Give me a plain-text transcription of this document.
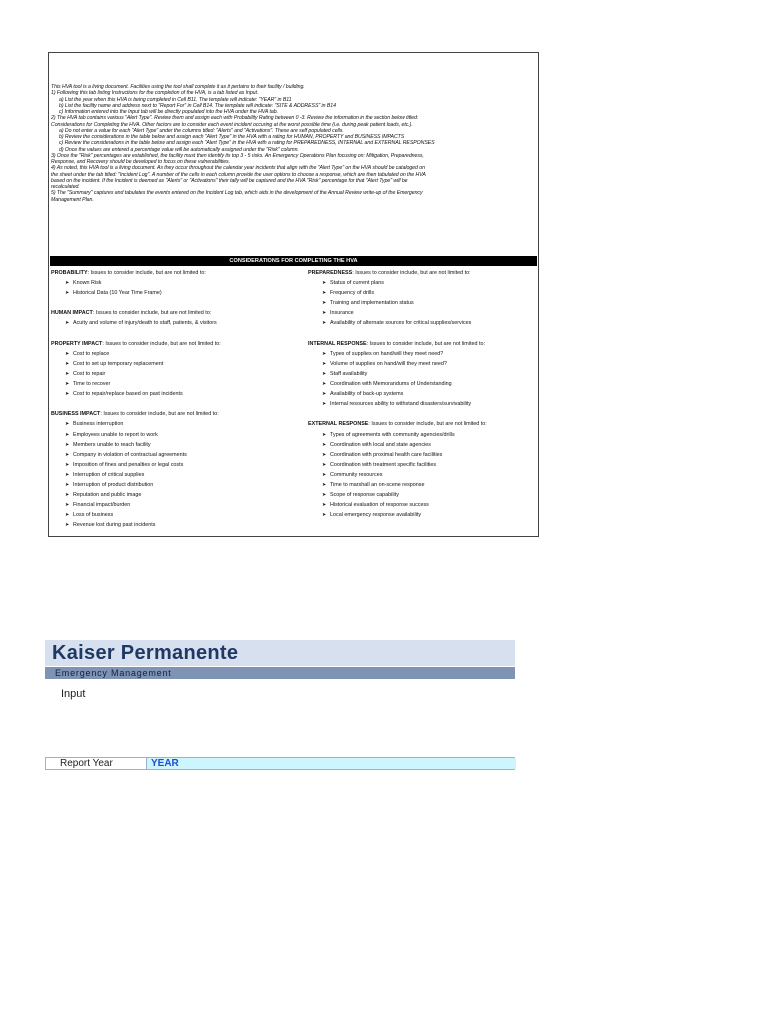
This HVA tool is a living document. Facilities using the tool shall complete it as it pertains to their facility / building.
1) Following this tab listing Instructions for the completion of the HVA, is a tab listed as Input.
a) List the year when this HVA is being completed in Cell B11. The template will indicate: "YEAR" in B11
b) List the facility name and address next to "Report For" in Cell B14. The template will indicate: "SITE & ADDRESS" in B14
c) Information entered into the Input tab will be directly populated into the HVA under the HVA tab.
2) The HVA tab contains various "Alert Type". Review them and assign each with Probability Rating between 0 -3. Review the information in the section below titled:
Considerations for Completing the HVA. Other factors are to consider each event incident occuring at the worst possible time (i.e. during peak patient loads, etc.).
a) Do not enter a value for each "Alert Type" under the columns titled: "Alerts" and "Activations". These are self populated cells.
b) Review the considerations in the table below and assign each "Alert Type" in the HVA with a rating for HUMAN, PROPERTY and BUSINESS IMPACTS
c) Review the considerations in the table below and assign each "Alert Type" in the HVA with a rating for PREPAREDNESS, INTERNAL and EXTERNAL RESPONSES
d) Once the values are entered a percentage value will be automatically assigned under the "Risk" column.
3) Once the "Risk" percentages are established, the facility must then identify its top 3 - 5 risks. An Emergency Operations Plan focusing on: Mitigation, Preparedness,
Response, and Recovery should be developed to focus on these vulnerabilities.
4) As noted, this HVA tool is a living document. As they occur throughout the calendar year incidents that align with the "Alert Type" on the HVA should be cataloged on
the sheet under the tab titled: "Incident Log". A number of the cells in each column provide the user options to choose a response, which are then tabulated on the HVA
based on the incident. If the Incident is deemed as "Alerts" or "Activations" their tally will be captured and the HVA "Risk" percentage for that "Alert Type" will be
recalculated.
5) The "Summary" captures and tabulates the events entered on the Incident Log tab, which aids in the development of the Annual Review write-up of the Emergency
Management Plan.
CONSIDERATIONS FOR COMPLETING THE HVA
PROBABILITY: Issues to consider include, but are not limited to:
➤ Known Risk
➤ Historical Data (10 Year Time Frame)
HUMAN IMPACT: Issues to consider include, but are not limited to:
➤ Acuity and volume of injury/death to staff, patients, & visitors
PROPERTY IMPACT: Issues to consider include, but are not limited to:
➤ Cost to replace
➤ Cost to set up temporary replacement
➤ Cost to repair
➤ Time to recover
➤ Cost to repair/replace based on past incidents
BUSINESS IMPACT: Issues to consider include, but are not limited to:
➤ Business interruption
➤ Employees unable to report to work
➤ Members unable to reach facility
➤ Company in violation of contractual agreements
➤ Imposition of fines and penalties or legal costs
➤ Interruption of critical supplies
➤ Interruption of product distribution
➤ Reputation and public image
➤ Financial impact/burden
➤ Loss of business
➤ Revenue lost during past incidents
PREPAREDNESS: Issues to consider include, but are not limited to:
➤ Status of current plans
➤ Frequency of drills
➤ Training and implementation status
➤ Insurance
➤ Availability of alternate sources for critical supplies/services
INTERNAL RESPONSE: Issues to consider include, but are not limited to:
➤ Types of supplies on hand/will they meet need?
➤ Volume of supplies on hand/will they meet need?
➤ Staff availability
➤ Coordination with Memorandums of Understanding
➤ Availability of back-up systems
➤ Internal resources ability to withstand disasters/survivability
EXTERNAL RESPONSE: Issues to consider include, but are not limited to:
➤ Types of agreements with community agencies/drills
➤ Coordination with local and state agencies
➤ Coordination with proximal health care facilities
➤ Coordination with treatment specific facilities
➤ Community resources
➤ Time to marshall an on-scene response
➤ Scope of response capability
➤ Historical evaluation of response success
➤ Local emergency response availability
Kaiser Permanente
Emergency Management
Input
Report Year	YEAR
